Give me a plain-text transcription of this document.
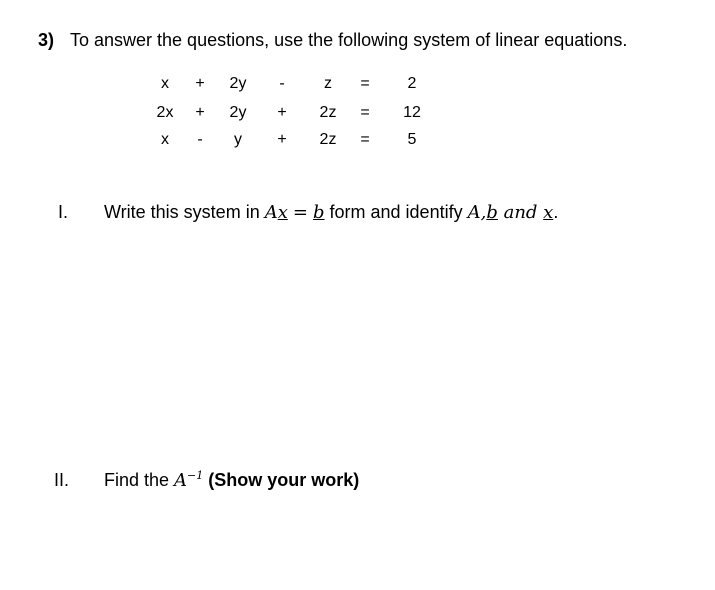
3) To answer the questions, use the following system of linear equations.
x + 2y - z = 2
2x + 2y + 2z = 12
x - y + 2z = 5
I. Write this system in Ax = b form and identify A,b and x.
II. Find the $A^{-1}$ (Show your work)
